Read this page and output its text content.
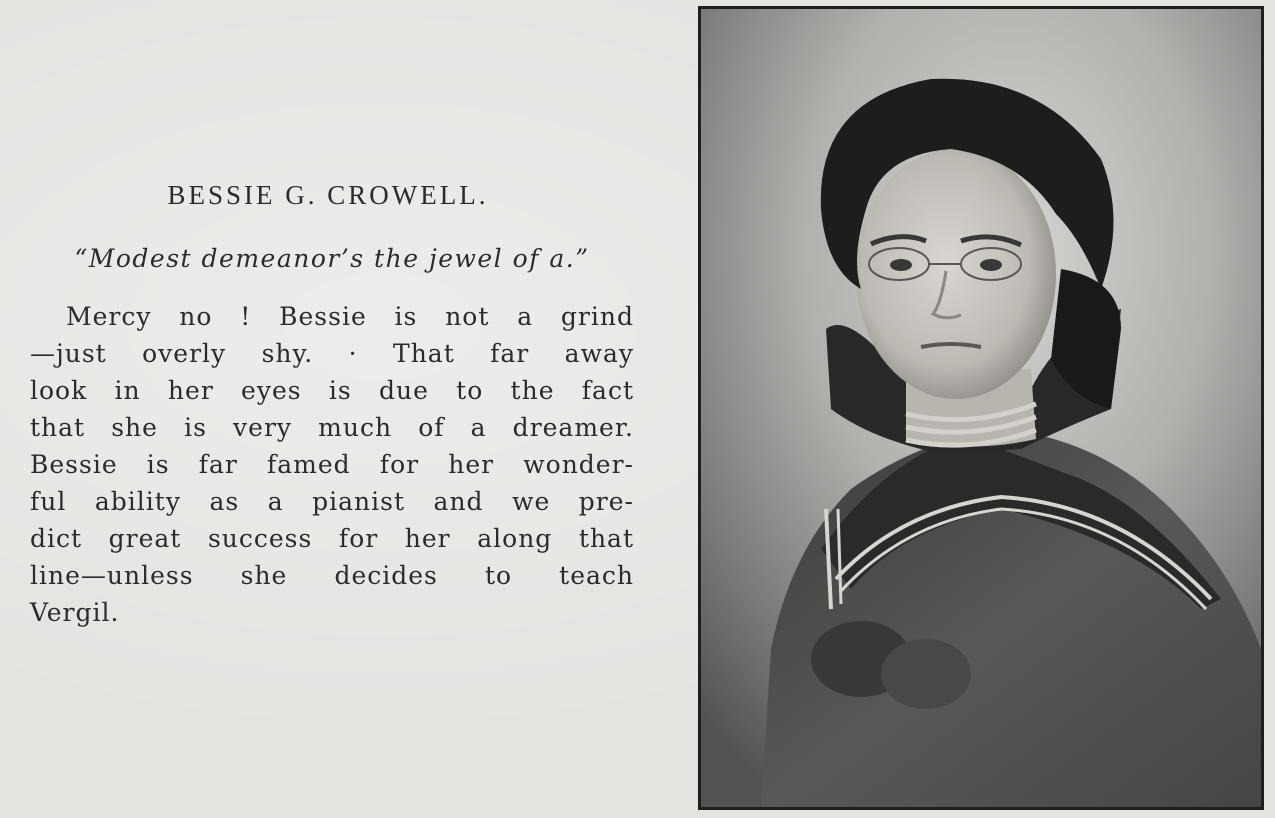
BESSIE G. CROWELL.
“Modest demeanor’s the jewel of a.”
Mercy no ! Bessie is not a grind
—just overly shy. · That far away
look in her eyes is due to the fact
that she is very much of a dreamer.
Bessie is far famed for her wonder-
ful ability as a pianist and we pre-
dict great success for her along that
line—unless she decides to teach
Vergil.
